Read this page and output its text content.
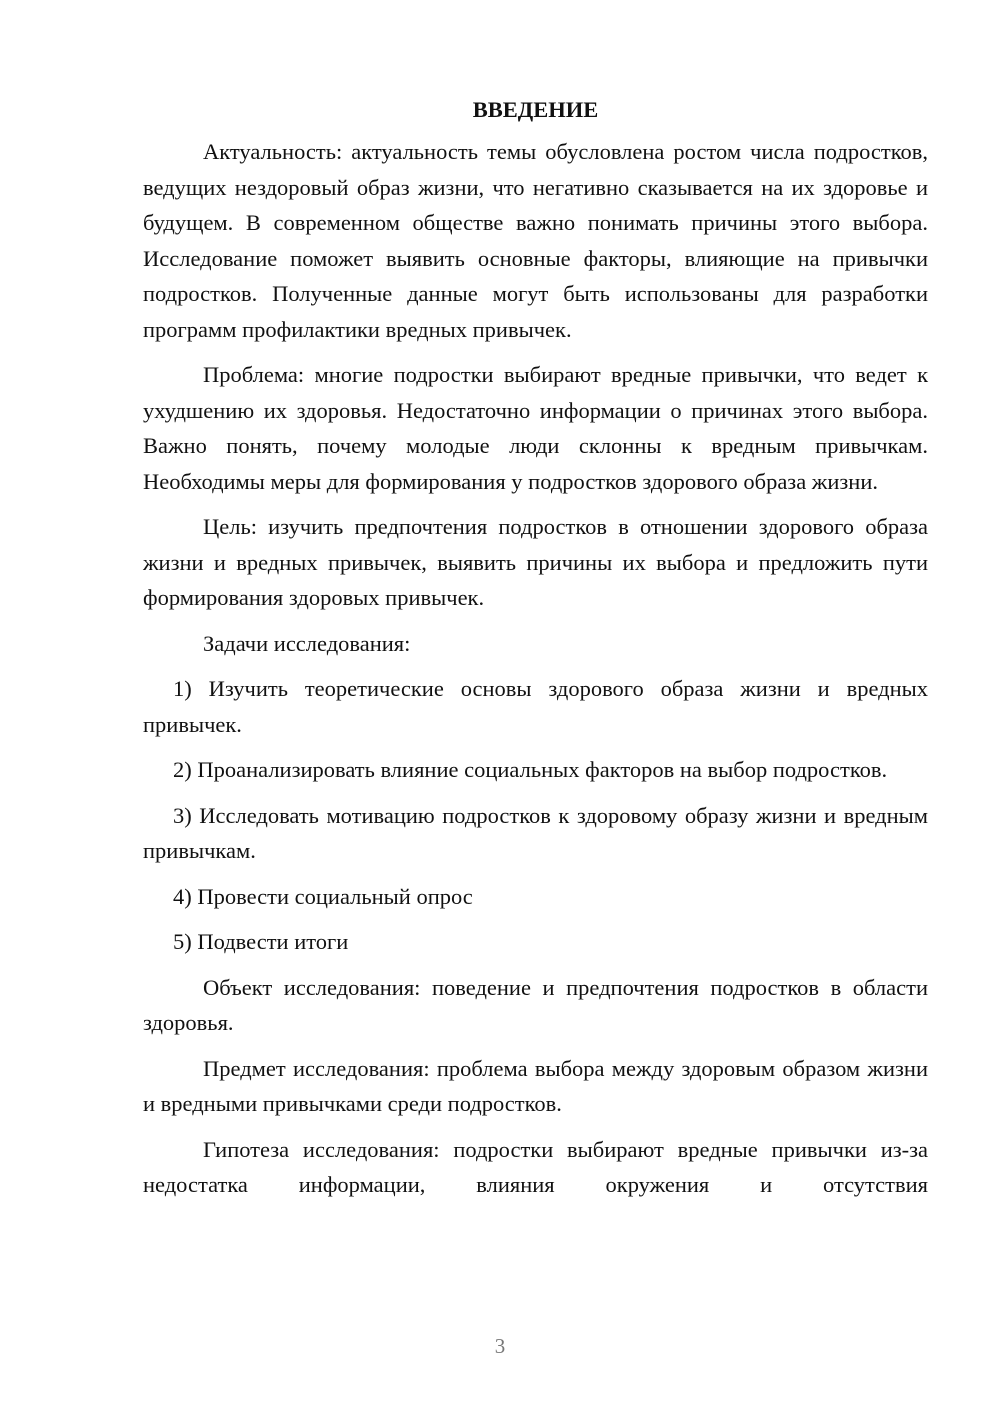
ВВЕДЕНИЕ

Актуальность: актуальность темы обусловлена ростом числа подростков, ведущих нездоровый образ жизни, что негативно сказывается на их здоровье и будущем. В современном обществе важно понимать причины этого выбора. Исследование поможет выявить основные факторы, влияющие на привычки подростков. Полученные данные могут быть использованы для разработки программ профилактики вредных привычек.

Проблема: многие подростки выбирают вредные привычки, что ведет к ухудшению их здоровья. Недостаточно информации о причинах этого выбора. Важно понять, почему молодые люди склонны к вредным привычкам. Необходимы меры для формирования у подростков здорового образа жизни.

Цель: изучить предпочтения подростков в отношении здорового образа жизни и вредных привычек, выявить причины их выбора и предложить пути формирования здоровых привычек.

Задачи исследования:

1) Изучить теоретические основы здорового образа жизни и вредных привычек.

2) Проанализировать влияние социальных факторов на выбор подростков.

3) Исследовать мотивацию подростков к здоровому образу жизни и вредным привычкам.

4) Провести социальный опрос

5) Подвести итоги

Объект исследования: поведение и предпочтения подростков в области здоровья.

Предмет исследования: проблема выбора между здоровым образом жизни и вредными привычками среди подростков.

Гипотеза исследования: подростки выбирают вредные привычки из-за недостатка информации, влияния окружения и отсутствия

3
